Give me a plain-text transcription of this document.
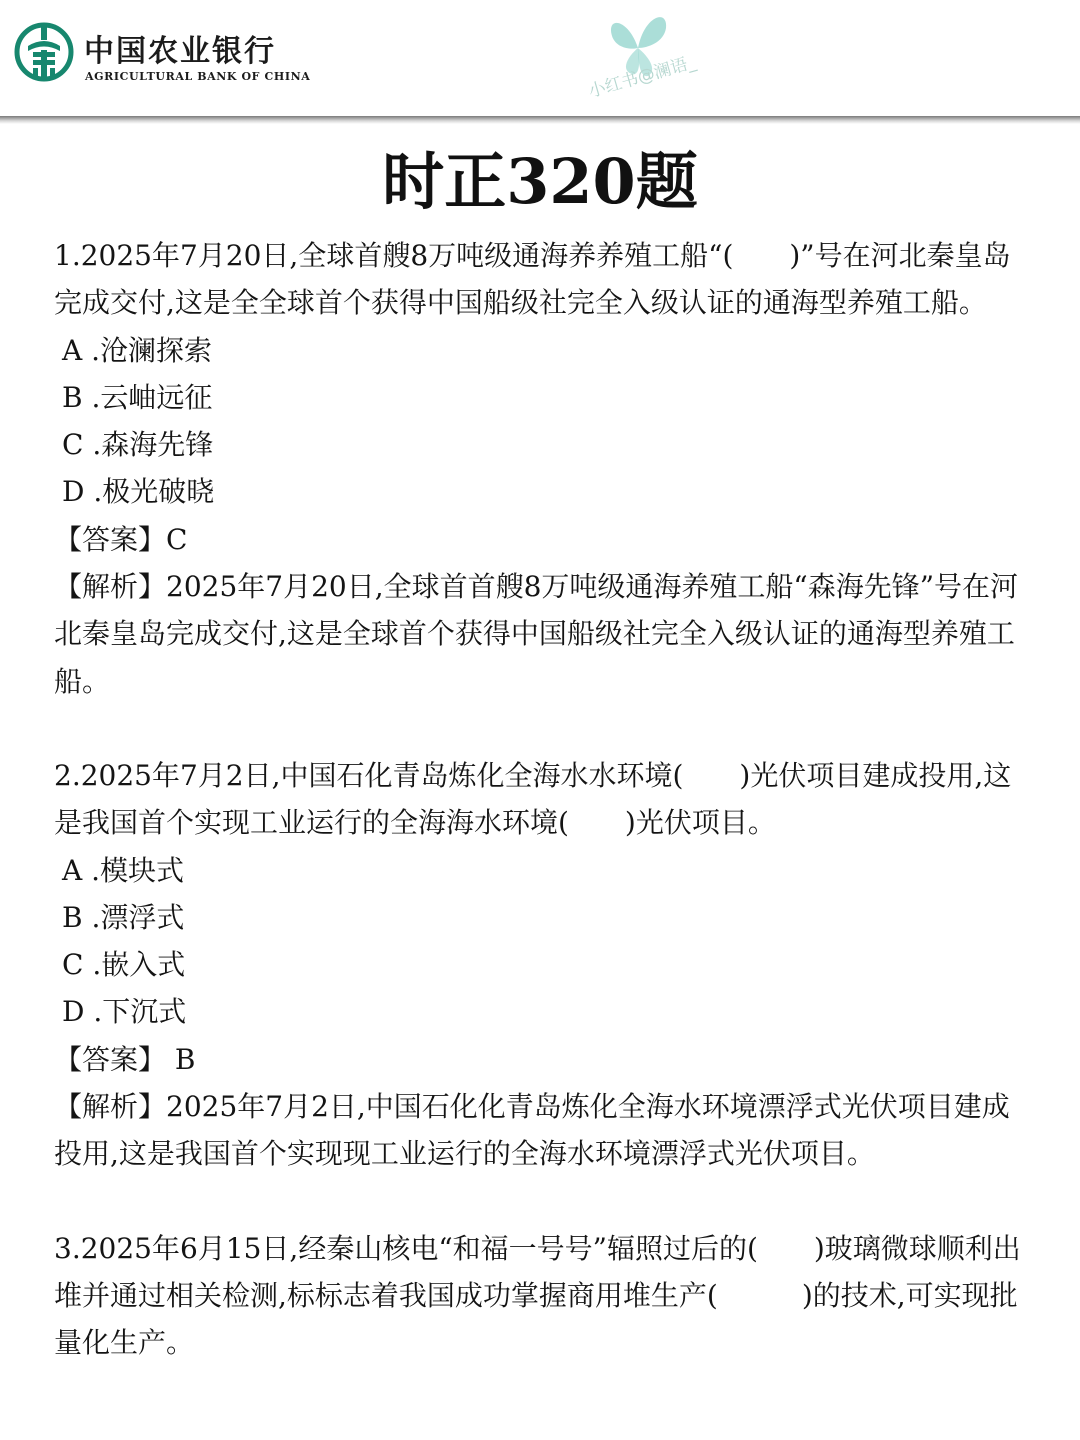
中国农业银行
AGRICULTURAL BANK OF CHINA	小红书@澜语_
时正320题

1.2025年7月20日,全球首艘8万吨级通海养养殖工船“(　　)”号在河北秦皇岛完成交付,这是全全球首个获得中国船级社完全入级认证的通海型养殖工船。

A .沧澜探索

B .云岫远征

C .森海先锋

D .极光破晓

【答案】C

【解析】2025年7月20日,全球首首艘8万吨级通海养殖工船“森海先锋”号在河北秦皇岛完成交付,这是全球首个获得中国船级社完全入级认证的通海型养殖工船。

2.2025年7月2日,中国石化青岛炼化全海水水环境(　　)光伏项目建成投用,这是我国首个实现工业运行的全海海水环境(　　)光伏项目。

A .模块式

B .漂浮式

C .嵌入式

D .下沉式

【答案】 B

【解析】2025年7月2日,中国石化化青岛炼化全海水环境漂浮式光伏项目建成投用,这是我国首个实现现工业运行的全海水环境漂浮式光伏项目。

3.2025年6月15日,经秦山核电“和福一号号”辐照过后的(　　)玻璃微球顺利出堆并通过相关检测,标标志着我国成功掌握商用堆生产(　　　)的技术,可实现批量化生产。
